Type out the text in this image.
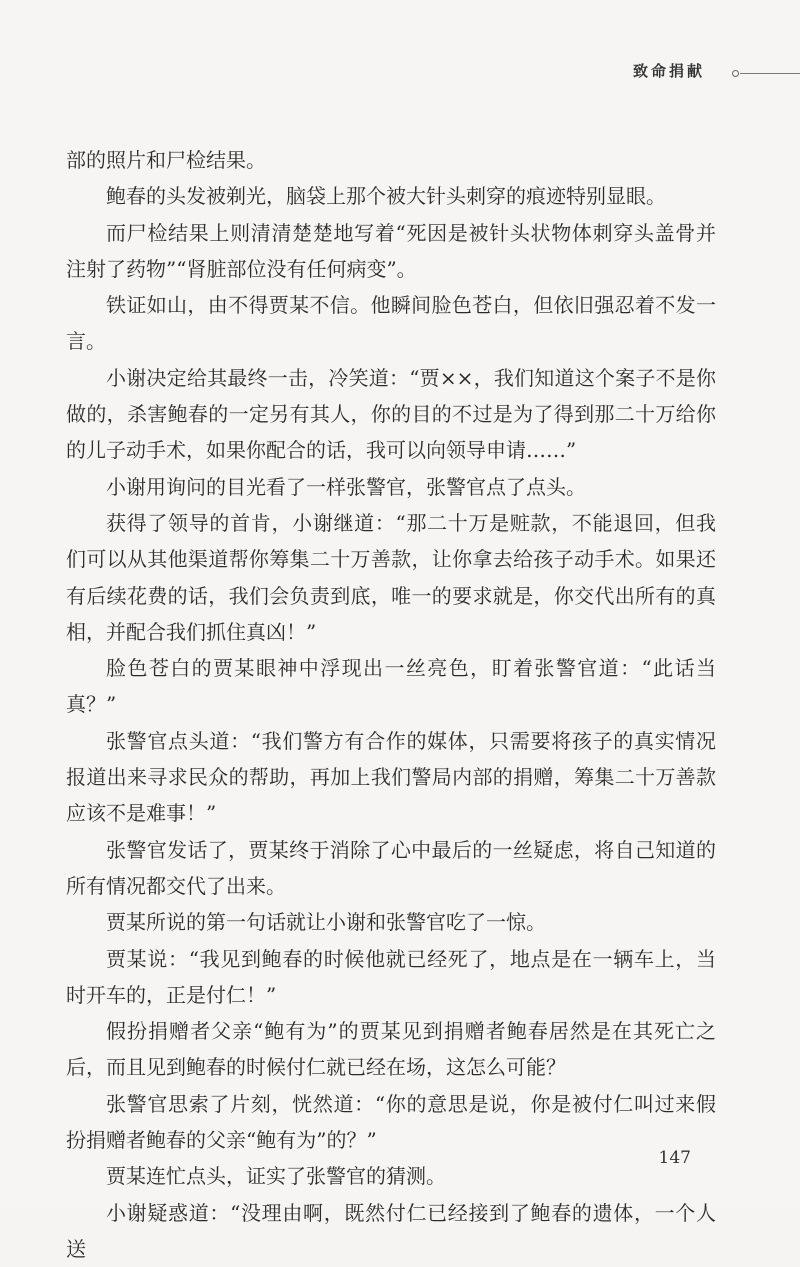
致命捐献

部的照片和尸检结果。

鲍春的头发被剃光，脑袋上那个被大针头刺穿的痕迹特别显眼。

而尸检结果上则清清楚楚地写着“死因是被针头状物体刺穿头盖骨并注射了药物”“肾脏部位没有任何病变”。

铁证如山，由不得贾某不信。他瞬间脸色苍白，但依旧强忍着不发一言。

小谢决定给其最终一击，冷笑道：“贾××，我们知道这个案子不是你做的，杀害鲍春的一定另有其人，你的目的不过是为了得到那二十万给你的儿子动手术，如果你配合的话，我可以向领导申请……”

小谢用询问的目光看了一样张警官，张警官点了点头。

获得了领导的首肯，小谢继道：“那二十万是赃款，不能退回，但我们可以从其他渠道帮你筹集二十万善款，让你拿去给孩子动手术。如果还有后续花费的话，我们会负责到底，唯一的要求就是，你交代出所有的真相，并配合我们抓住真凶！”

脸色苍白的贾某眼神中浮现出一丝亮色，盯着张警官道：“此话当真？”

张警官点头道：“我们警方有合作的媒体，只需要将孩子的真实情况报道出来寻求民众的帮助，再加上我们警局内部的捐赠，筹集二十万善款应该不是难事！”

张警官发话了，贾某终于消除了心中最后的一丝疑虑，将自己知道的所有情况都交代了出来。

贾某所说的第一句话就让小谢和张警官吃了一惊。

贾某说：“我见到鲍春的时候他就已经死了，地点是在一辆车上，当时开车的，正是付仁！”

假扮捐赠者父亲“鲍有为”的贾某见到捐赠者鲍春居然是在其死亡之后，而且见到鲍春的时候付仁就已经在场，这怎么可能？

张警官思索了片刻，恍然道：“你的意思是说，你是被付仁叫过来假扮捐赠者鲍春的父亲“鲍有为”的？”

贾某连忙点头，证实了张警官的猜测。

小谢疑惑道：“没理由啊，既然付仁已经接到了鲍春的遗体，一个人送

147
